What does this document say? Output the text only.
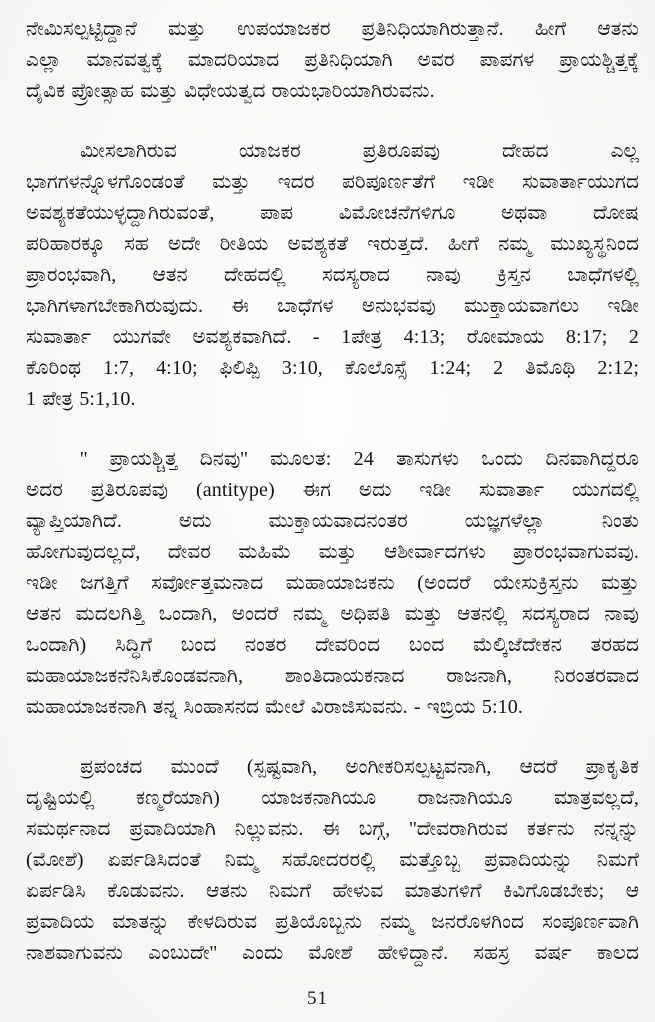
ನೇಮಿಸಲ್ಪಟ್ಟಿದ್ದಾನೆ ಮತ್ತು ಉಪಯಾಜಕರ ಪ್ರತಿನಿಧಿಯಾಗಿರುತ್ತಾನೆ. ಹೀಗೆ ಆತನು
ಎಲ್ಲಾ ಮಾನವತ್ವಕ್ಕೆ ಮಾದರಿಯಾದ ಪ್ರತಿನಿಧಿಯಾಗಿ ಅವರ ಪಾಪಗಳ ಪ್ರಾಯಶ್ಚಿತ್ತಕ್ಕೆ
ದೈವಿಕ ಪ್ರೋತ್ಸಾಹ ಮತ್ತು ವಿಧೇಯತ್ವದ ರಾಯಭಾರಿಯಾಗಿರುವನು.
ಮೀಸಲಾಗಿರುವ ಯಾಜಕರ ಪ್ರತಿರೂಪವು ದೇಹದ ಎಲ್ಲ
ಭಾಗಗಳನ್ನೊಳಗೊಂಡಂತೆ ಮತ್ತು ಇದರ ಪರಿಪೂರ್ಣತೆಗೆ ಇಡೀ ಸುವಾರ್ತಾಯುಗದ
ಅವಶ್ಯಕತೆಯುಳ್ಳದ್ದಾಗಿರುವಂತೆ, ಪಾಪ ವಿಮೋಚನೆಗಳಿಗೂ ಅಥವಾ ದೋಷ
ಪರಿಹಾರಕ್ಕೂ ಸಹ ಅದೇ ರೀತಿಯ ಅವಶ್ಯಕತೆ ಇರುತ್ತದೆ. ಹೀಗೆ ನಮ್ಮ ಮುಖ್ಯಸ್ಥನಿಂದ
ಪ್ರಾರಂಭವಾಗಿ, ಆತನ ದೇಹದಲ್ಲಿ ಸದಸ್ಯರಾದ ನಾವು ಕ್ರಿಸ್ತನ ಬಾಧೆಗಳಲ್ಲಿ
ಭಾಗಿಗಳಾಗಬೇಕಾಗಿರುವುದು. ಈ ಬಾಧೆಗಳ ಅನುಭವವು ಮುಕ್ತಾಯವಾಗಲು ಇಡೀ
ಸುವಾರ್ತಾ ಯುಗವೇ ಅವಶ್ಯಕವಾಗಿದೆ. - 1ಪೇತ್ರ 4:13; ರೋಮಾಯ 8:17; 2
ಕೊರಿಂಥ 1:7, 4:10; ಫಿಲಿಪ್ಪಿ 3:10, ಕೊಲೊಸ್ಸೆ 1:24; 2 ತಿಮೊಥಿ 2:12;
1 ಪೇತ್ರ 5:1,10.
'' ಪ್ರಾಯಶ್ಚಿತ್ತ ದಿನವು'' ಮೂಲತ: 24 ತಾಸುಗಳು ಒಂದು ದಿನವಾಗಿದ್ದರೂ
ಅದರ ಪ್ರತಿರೂಪವು (antitype) ಈಗ ಅದು ಇಡೀ ಸುವಾರ್ತಾ ಯುಗದಲ್ಲಿ
ವ್ಯಾಪ್ತಿಯಾಗಿದೆ. ಅದು ಮುಕ್ತಾಯವಾದನಂತರ ಯಜ್ಞಗಳೆಲ್ಲಾ ನಿಂತು
ಹೋಗುವುದಲ್ಲದೆ, ದೇವರ ಮಹಿಮೆ ಮತ್ತು ಆಶೀರ್ವಾದಗಳು ಪ್ರಾರಂಭವಾಗುವವು.
ಇಡೀ ಜಗತ್ತಿಗೆ ಸರ್ವೋತ್ತಮನಾದ ಮಹಾಯಾಜಕನು (ಅಂದರೆ ಯೇಸುಕ್ರಿಸ್ತನು ಮತ್ತು
ಆತನ ಮದಲಗಿತ್ತಿ ಒಂದಾಗಿ, ಅಂದರೆ ನಮ್ಮ ಅಧಿಪತಿ ಮತ್ತು ಆತನಲ್ಲಿ ಸದಸ್ಯರಾದ ನಾವು
ಒಂದಾಗಿ) ಸಿದ್ಧಿಗೆ ಬಂದ ನಂತರ ದೇವರಿಂದ ಬಂದ ಮೆಲ್ಕಿಜೆದೇಕನ ತರಹದ
ಮಹಾಯಾಜಕನೆನಿಸಿಕೊಂಡವನಾಗಿ, ಶಾಂತಿದಾಯಕನಾದ ರಾಜನಾಗಿ, ನಿರಂತರವಾದ
ಮಹಾಯಾಜಕನಾಗಿ ತನ್ನ ಸಿಂಹಾಸನದ ಮೇಲೆ ವಿರಾಜಿಸುವನು. - ಇಬ್ರಿಯ 5:10.
ಪ್ರಪಂಚದ ಮುಂದೆ (ಸ್ಪಷ್ಟವಾಗಿ, ಅಂಗೀಕರಿಸಲ್ಪಟ್ಟವನಾಗಿ, ಆದರೆ ಪ್ರಾಕೃತಿಕ
ದೃಷ್ಟಿಯಲ್ಲಿ ಕಣ್ಮರೆಯಾಗಿ) ಯಾಜಕನಾಗಿಯೂ ರಾಜನಾಗಿಯೂ ಮಾತ್ರವಲ್ಲದೆ,
ಸಮರ್ಥನಾದ ಪ್ರವಾದಿಯಾಗಿ ನಿಲ್ಲುವನು. ಈ ಬಗ್ಗೆ, ''ದೇವರಾಗಿರುವ ಕರ್ತನು ನನ್ನನ್ನು
(ಮೋಶೆ) ಏರ್ಪಡಿಸಿದಂತೆ ನಿಮ್ಮ ಸಹೋದರರಲ್ಲಿ ಮತ್ತೊಬ್ಬ ಪ್ರವಾದಿಯನ್ನು ನಿಮಗೆ
ಏರ್ಪಡಿಸಿ ಕೊಡುವನು. ಆತನು ನಿಮಗೆ ಹೇಳುವ ಮಾತುಗಳಿಗೆ ಕಿವಿಗೊಡಬೇಕು; ಆ
ಪ್ರವಾದಿಯ ಮಾತನ್ನು ಕೇಳದಿರುವ ಪ್ರತಿಯೊಬ್ಬನು ನಮ್ಮ ಜನರೊಳಗಿಂದ ಸಂಪೂರ್ಣವಾಗಿ
ನಾಶವಾಗುವನು ಎಂಬುದೇ'' ಎಂದು ಮೋಶೆ ಹೇಳಿದ್ದಾನೆ. ಸಹಸ್ರ ವರ್ಷ ಕಾಲದ
51
